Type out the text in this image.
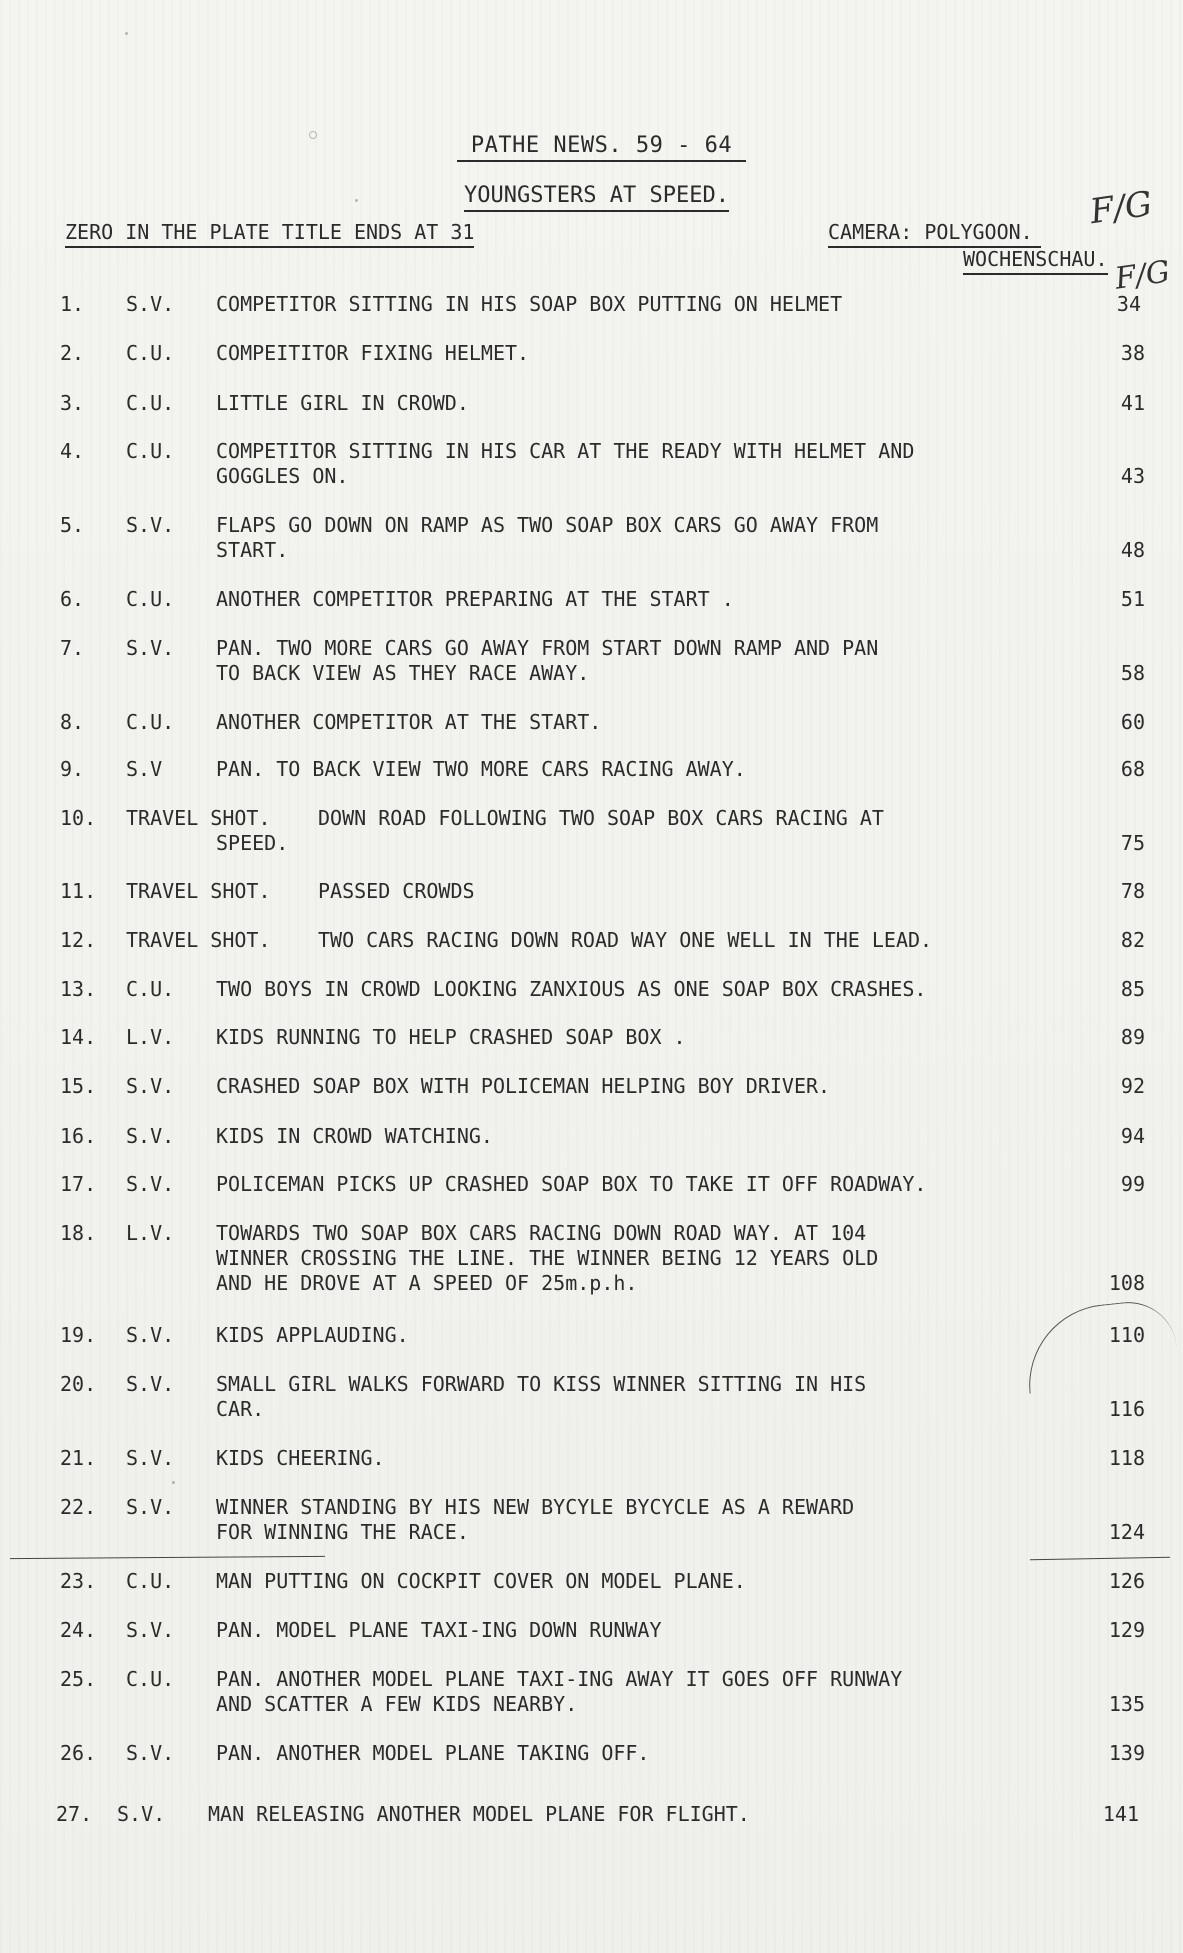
PATHE NEWS. 59 - 64
YOUNGSTERS AT SPEED.
ZERO IN THE PLATE TITLE ENDS AT 31	CAMERA: POLYGOON.
WOCHENSCHAU.
F/G
F/G
1. S.V. COMPETITOR SITTING IN HIS SOAP BOX PUTTING ON HELMET	34
2. C.U. COMPEITITOR FIXING HELMET.	38
3. C.U. LITTLE GIRL IN CROWD.	41
4. C.U. COMPETITOR SITTING IN HIS CAR AT THE READY WITH HELMET AND
GOGGLES ON.	43
5. S.V. FLAPS GO DOWN ON RAMP AS TWO SOAP BOX CARS GO AWAY FROM
START.	48
6. C.U. ANOTHER COMPETITOR PREPARING AT THE START .	51
7. S.V. PAN. TWO MORE CARS GO AWAY FROM START DOWN RAMP AND PAN
TO BACK VIEW AS THEY RACE AWAY.	58
8. C.U. ANOTHER COMPETITOR AT THE START.	60
9. S.V	PAN. TO BACK VIEW TWO MORE CARS RACING AWAY.	68
10. TRAVEL SHOT. DOWN ROAD FOLLOWING TWO SOAP BOX CARS RACING AT
SPEED.	75
11. TRAVEL SHOT. PASSED CROWDS	78
12. TRAVEL SHOT. TWO CARS RACING DOWN ROAD WAY ONE WELL IN THE LEAD.	82
13. C.U. TWO BOYS IN CROWD LOOKING ZANXIOUS AS ONE SOAP BOX CRASHES.	85
14. L.V. KIDS RUNNING TO HELP CRASHED SOAP BOX .	89
15. S.V. CRASHED SOAP BOX WITH POLICEMAN HELPING BOY DRIVER.	92
16. S.V. KIDS IN CROWD WATCHING.	94
17. S.V. POLICEMAN PICKS UP CRASHED SOAP BOX TO TAKE IT OFF ROADWAY.	99
18. L.V. TOWARDS TWO SOAP BOX CARS RACING DOWN ROAD WAY. AT 104
WINNER CROSSING THE LINE. THE WINNER BEING 12 YEARS OLD
AND HE DROVE AT A SPEED OF 25m.p.h.	108
19. S.V. KIDS APPLAUDING.	110
20. S.V. SMALL GIRL WALKS FORWARD TO KISS WINNER SITTING IN HIS
CAR.	116
21. S.V. KIDS CHEERING.	118
22. S.V. WINNER STANDING BY HIS NEW BYCYLE BYCYCLE AS A REWARD
FOR WINNING THE RACE.	124
23. C.U. MAN PUTTING ON COCKPIT COVER ON MODEL PLANE.	126
24. S.V. PAN. MODEL PLANE TAXI-ING DOWN RUNWAY	129
25. C.U. PAN. ANOTHER MODEL PLANE TAXI-ING AWAY IT GOES OFF RUNWAY
AND SCATTER A FEW KIDS NEARBY.	135
26. S.V. PAN. ANOTHER MODEL PLANE TAKING OFF.	139
27. S.V. MAN RELEASING ANOTHER MODEL PLANE FOR FLIGHT.	141
